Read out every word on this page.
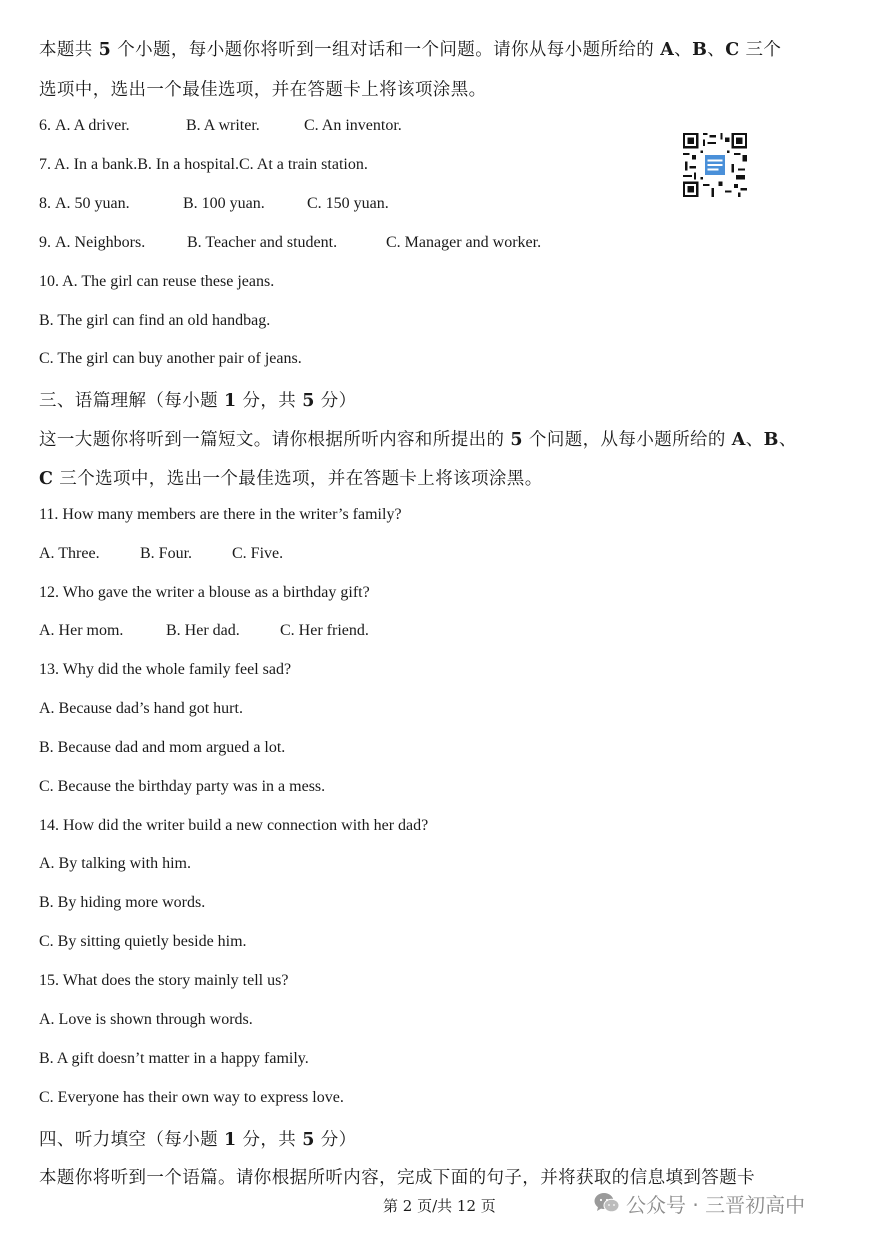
本题共 5 个小题，每小题你将听到一组对话和一个问题。请你从每小题所给的 A、B、C 三个
选项中，选出一个最佳选项，并在答题卡上将该项涂黑。
6. A. A driver.	B. A writer.	C. An inventor.
7. A. In a bank.B. In a hospital.C. At a train station.
8. A. 50 yuan.	B. 100 yuan.	C. 150 yuan.
9. A. Neighbors.	B. Teacher and student.	C. Manager and worker.
10. A. The girl can reuse these jeans.
B. The girl can find an old handbag.
C. The girl can buy another pair of jeans.
三、语篇理解（每小题 1 分，共 5 分）
这一大题你将听到一篇短文。请你根据所听内容和所提出的 5 个问题，从每小题所给的 A、B、
C 三个选项中，选出一个最佳选项，并在答题卡上将该项涂黑。
11. How many members are there in the writer’s family?
A. Three.	B. Four. C. Five.
12. Who gave the writer a blouse as a birthday gift?
A. Her mom.	B. Her dad.	C. Her friend.
13. Why did the whole family feel sad?
A. Because dad’s hand got hurt.
B. Because dad and mom argued a lot.
C. Because the birthday party was in a mess.
14. How did the writer build a new connection with her dad?
A. By talking with him.
B. By hiding more words.
C. By sitting quietly beside him.
15. What does the story mainly tell us?
A. Love is shown through words.
B. A gift doesn’t matter in a happy family.
C. Everyone has their own way to express love.
四、听力填空（每小题 1 分，共 5 分）
本题你将听到一个语篇。请你根据所听内容，完成下面的句子，并将获取的信息填到答题卡
第 2 页/共 12 页	公众号 · 三晋初高中
